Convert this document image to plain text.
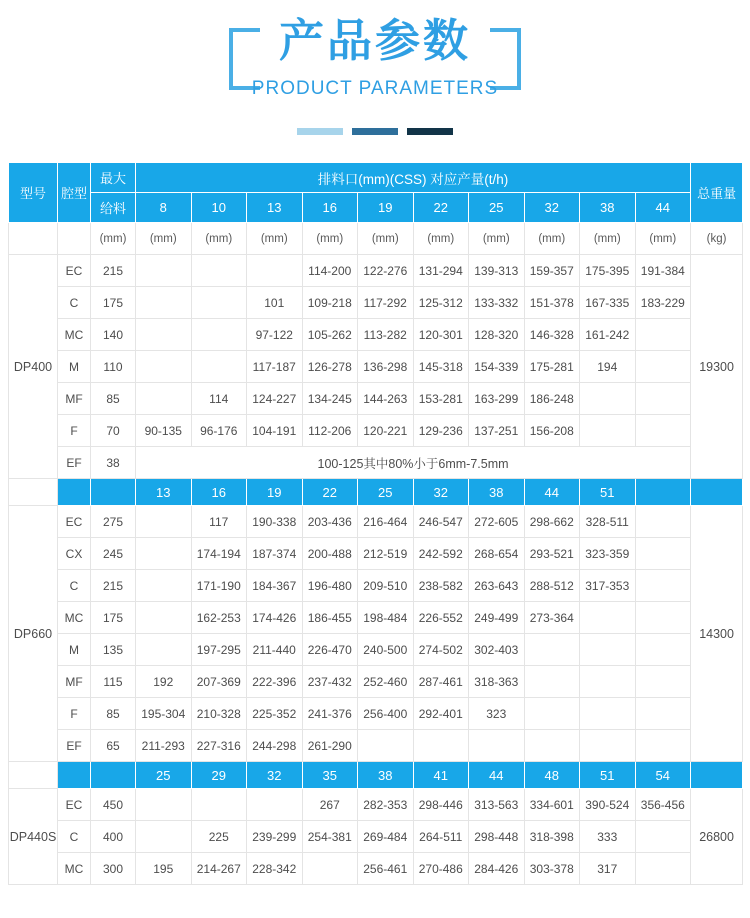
产品参数
PRODUCT PARAMETERS
型号	腔型	最大	排料口(mm)(CSS) 对应产量(t/h)										总重量
		给料	8	10	13	16	19	22	25	32	38	44	
		(mm)	(mm)	(mm)	(mm)	(mm)	(mm)	(mm)	(mm)	(mm)	(mm)	(mm)	(kg)
DP400	EC	215				114-200	122-276	131-294	139-313	159-357	175-395	191-384	19300
	C	175			101	109-218	117-292	125-312	133-332	151-378	167-335	183-229	
	MC	140			97-122	105-262	113-282	120-301	128-320	146-328	161-242		
	M	110			117-187	126-278	136-298	145-318	154-339	175-281	194		
	MF	85		114	124-227	134-245	144-263	153-281	163-299	186-248			
	F	70	90-135	96-176	104-191	112-206	120-221	129-236	137-251	156-208			
	EF	38	100-125其中80%小于6mm-7.5mm										
			13	16	19	22	25	32	38	44	51		
DP660	EC	275		117	190-338	203-436	216-464	246-547	272-605	298-662	328-511		14300
	CX	245		174-194	187-374	200-488	212-519	242-592	268-654	293-521	323-359		
	C	215		171-190	184-367	196-480	209-510	238-582	263-643	288-512	317-353		
	MC	175		162-253	174-426	186-455	198-484	226-552	249-499	273-364			
	M	135		197-295	211-440	226-470	240-500	274-502	302-403				
	MF	115	192	207-369	222-396	237-432	252-460	287-461	318-363				
	F	85	195-304	210-328	225-352	241-376	256-400	292-401	323				
	EF	65	211-293	227-316	244-298	261-290							
			25	29	32	35	38	41	44	48	51	54	
DP440S	EC	450				267	282-353	298-446	313-563	334-601	390-524	356-456	26800
	C	400		225	239-299	254-381	269-484	264-511	298-448	318-398	333		
	MC	300	195	214-267	228-342		256-461	270-486	284-426	303-378	317		
